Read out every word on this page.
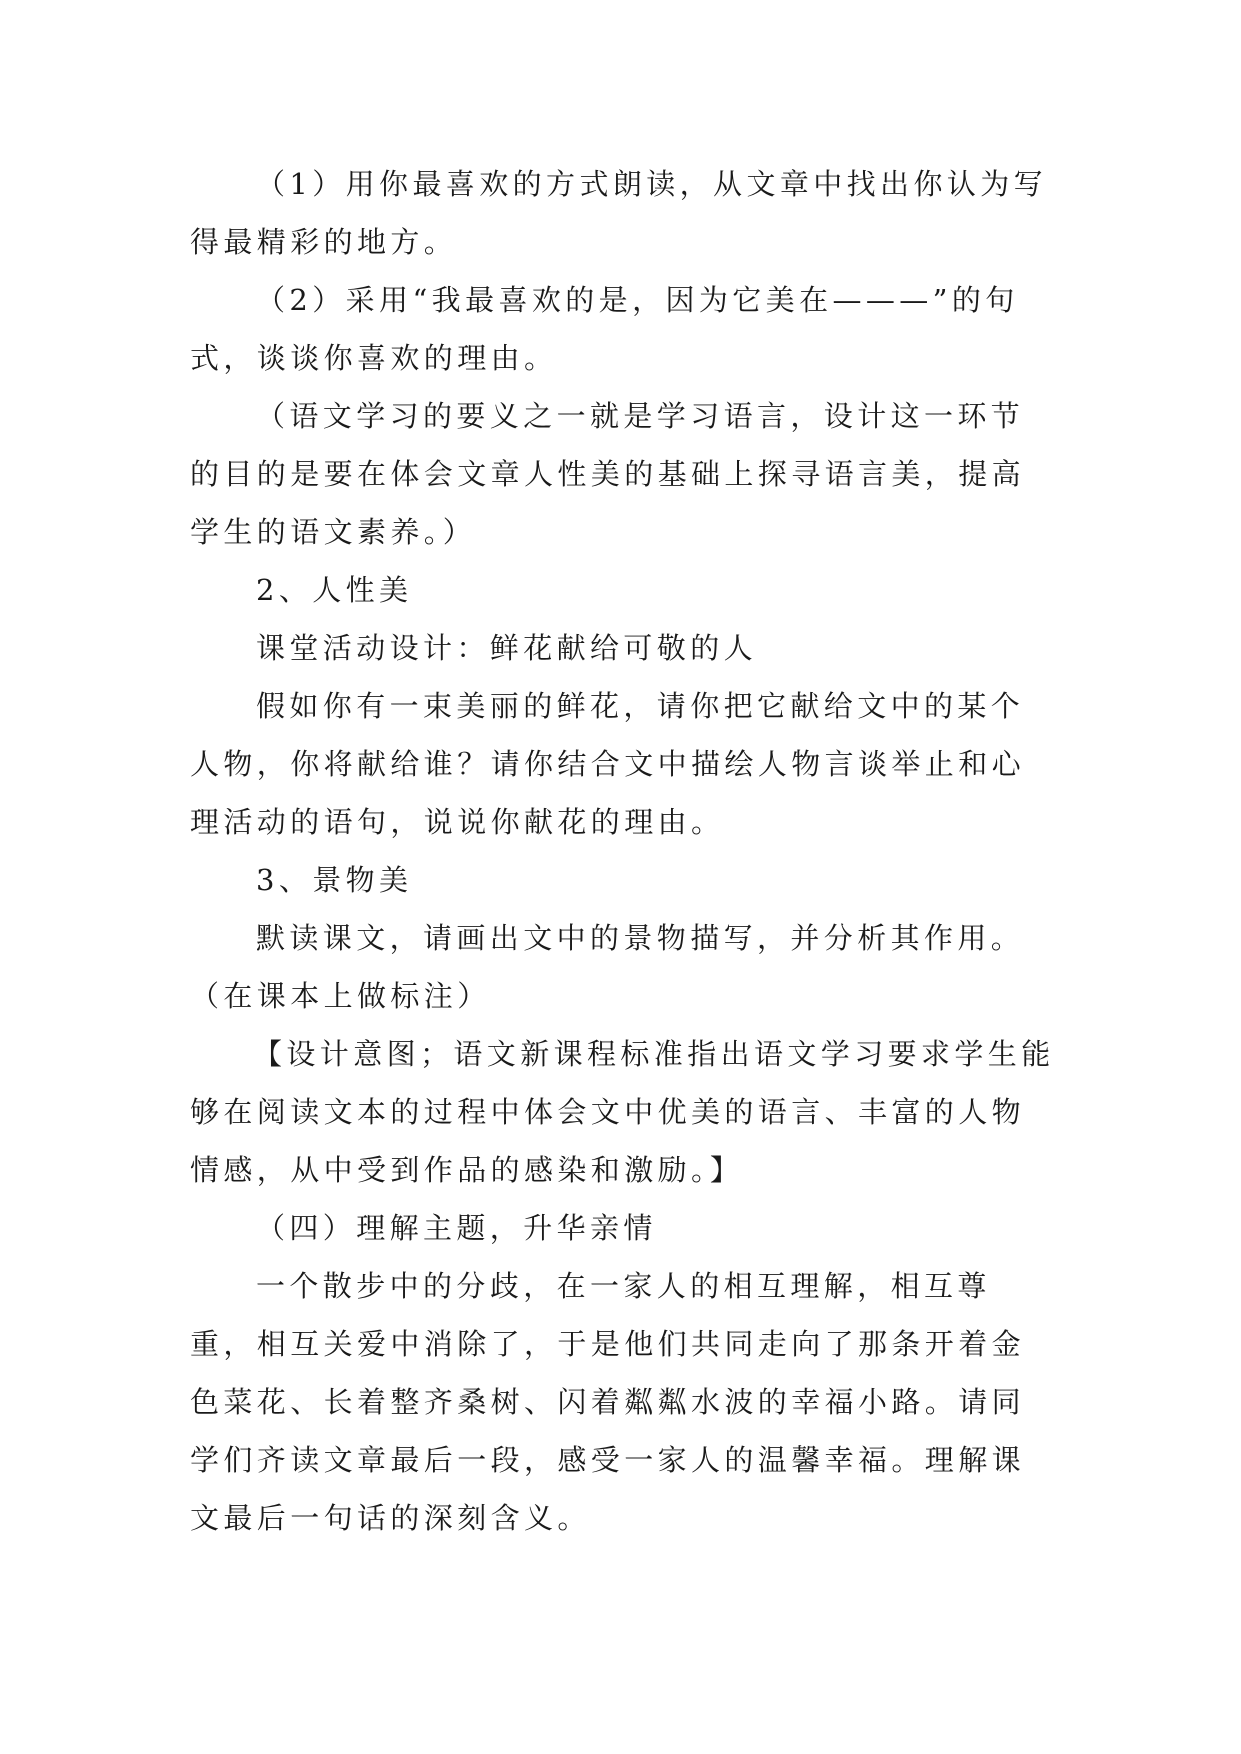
（1）用你最喜欢的方式朗读，从文章中找出你认为写得最精彩的地方。

（2）采用“我最喜欢的是，因为它美在———”的句式，谈谈你喜欢的理由。

（语文学习的要义之一就是学习语言，设计这一环节的目的是要在体会文章人性美的基础上探寻语言美，提高学生的语文素养。）

2、人性美

课堂活动设计：鲜花献给可敬的人

假如你有一束美丽的鲜花，请你把它献给文中的某个人物，你将献给谁？请你结合文中描绘人物言谈举止和心理活动的语句，说说你献花的理由。

3、景物美

默读课文，请画出文中的景物描写，并分析其作用。（在课本上做标注）

【设计意图；语文新课程标准指出语文学习要求学生能够在阅读文本的过程中体会文中优美的语言、丰富的人物情感，从中受到作品的感染和激励。】

（四）理解主题，升华亲情

一个散步中的分歧，在一家人的相互理解，相互尊重，相互关爱中消除了，于是他们共同走向了那条开着金色菜花、长着整齐桑树、闪着粼粼水波的幸福小路。请同学们齐读文章最后一段，感受一家人的温馨幸福。理解课文最后一句话的深刻含义。
